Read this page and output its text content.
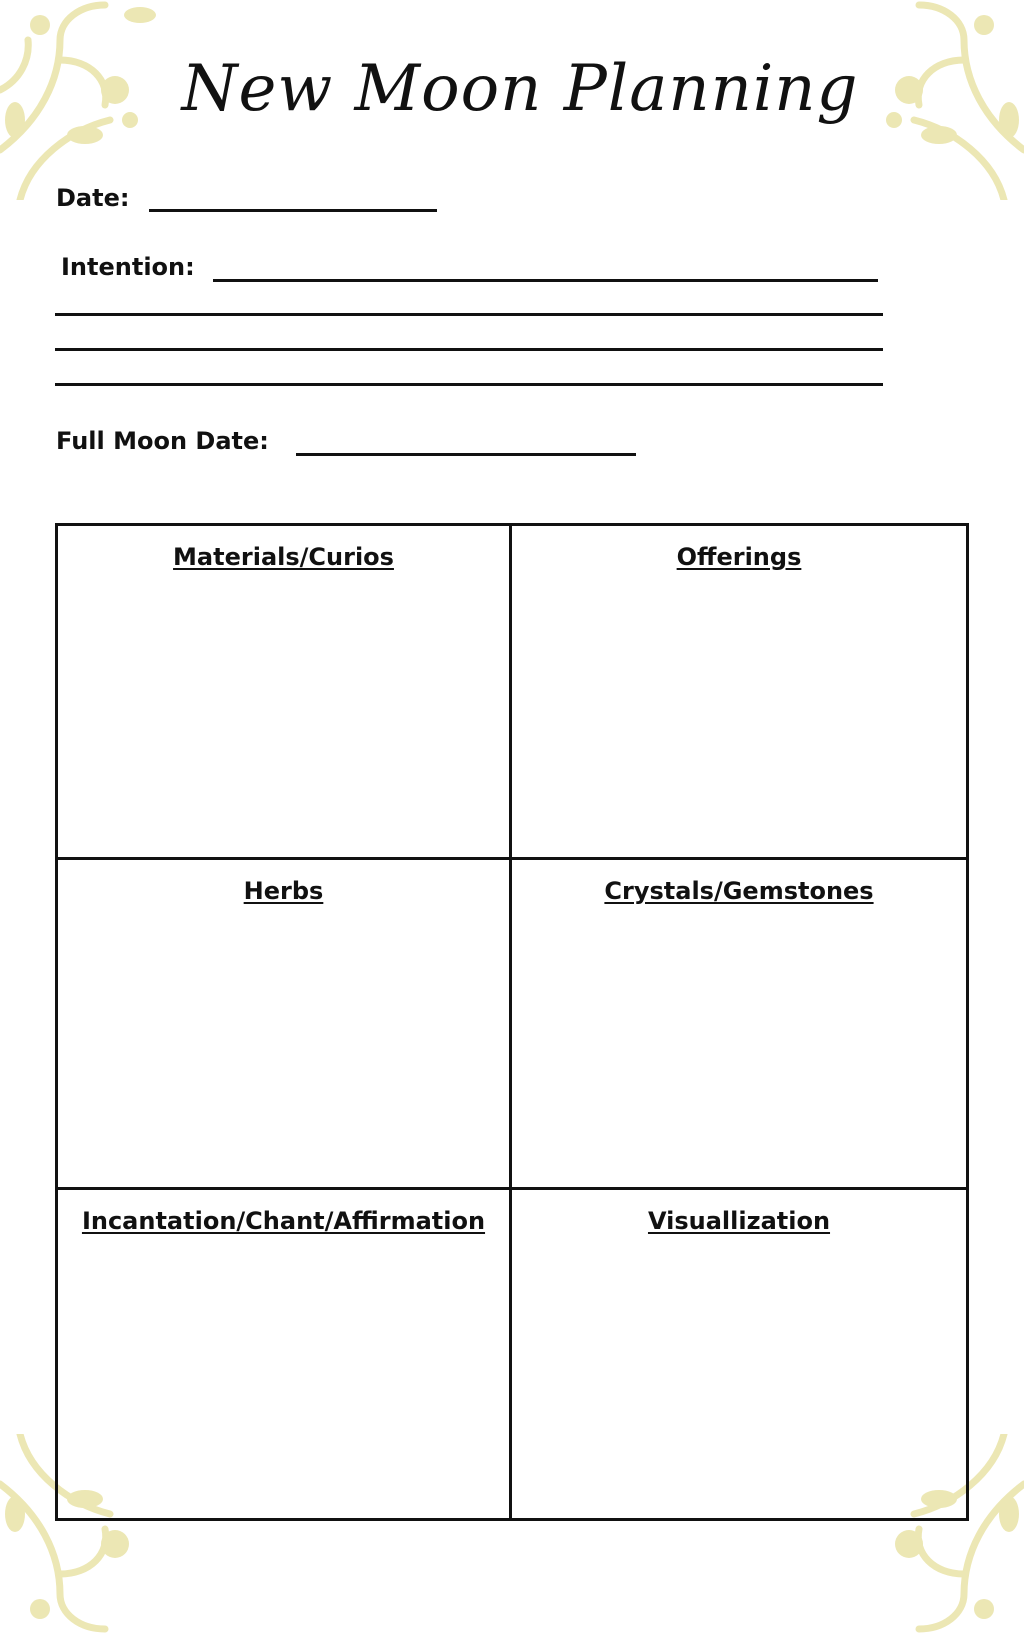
New Moon Planning
Date:
Intention:
Full Moon Date:
Materials/Curios	Offerings
Herbs	Crystals/Gemstones
Incantation/Chant/Affirmation	Visuallization
